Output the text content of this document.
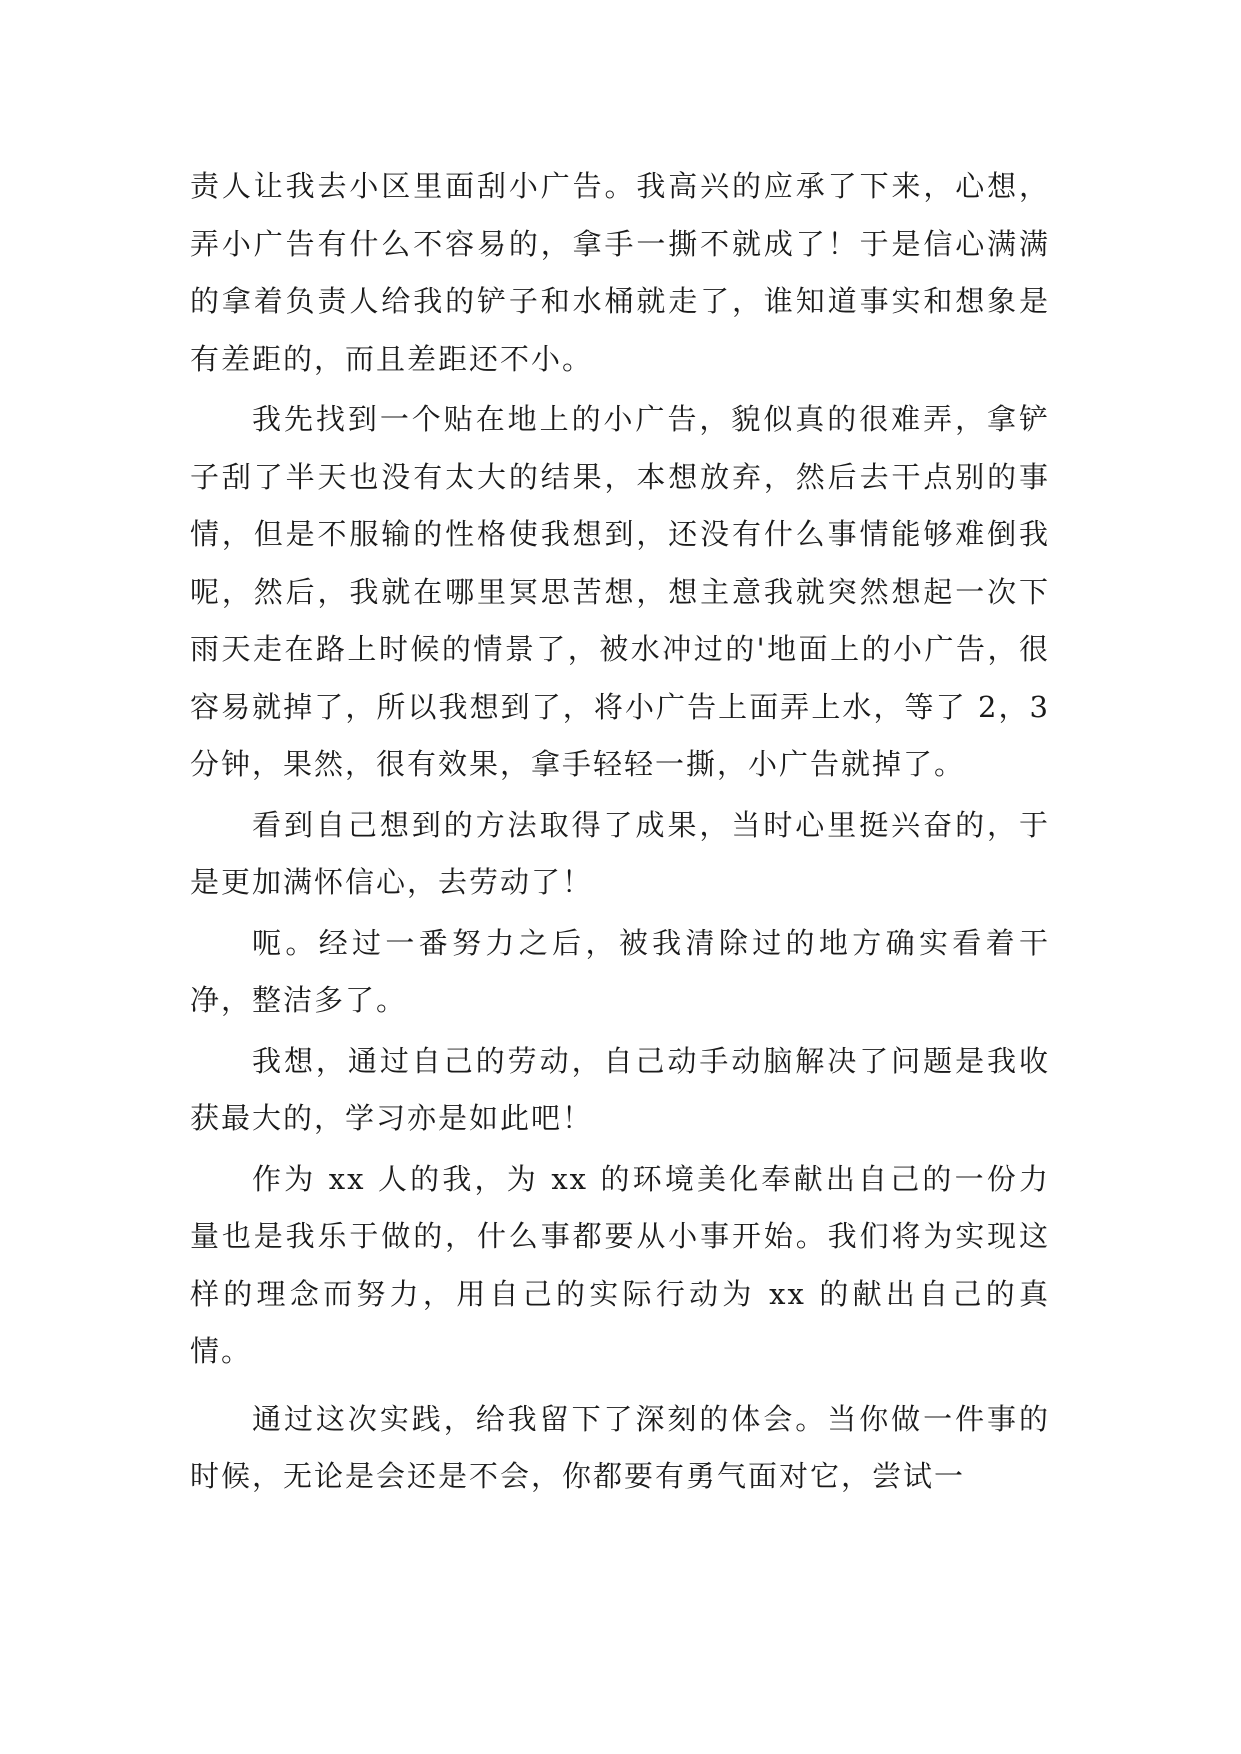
责人让我去小区里面刮小广告。我高兴的应承了下来，心想，弄小广告有什么不容易的，拿手一撕不就成了！于是信心满满的拿着负责人给我的铲子和水桶就走了，谁知道事实和想象是有差距的，而且差距还不小。

我先找到一个贴在地上的小广告，貌似真的很难弄，拿铲子刮了半天也没有太大的结果，本想放弃，然后去干点别的事情，但是不服输的性格使我想到，还没有什么事情能够难倒我呢，然后，我就在哪里冥思苦想，想主意我就突然想起一次下雨天走在路上时候的情景了，被水冲过的'地面上的小广告，很容易就掉了，所以我想到了，将小广告上面弄上水，等了 2，3 分钟，果然，很有效果，拿手轻轻一撕，小广告就掉了。

看到自己想到的方法取得了成果，当时心里挺兴奋的，于是更加满怀信心，去劳动了！

呃。经过一番努力之后，被我清除过的地方确实看着干净，整洁多了。

我想，通过自己的劳动，自己动手动脑解决了问题是我收获最大的，学习亦是如此吧！

作为 xx 人的我，为 xx 的环境美化奉献出自己的一份力量也是我乐于做的，什么事都要从小事开始。我们将为实现这样的理念而努力，用自己的实际行动为 xx 的献出自己的真情。

通过这次实践，给我留下了深刻的体会。当你做一件事的时候，无论是会还是不会，你都要有勇气面对它，尝试一
